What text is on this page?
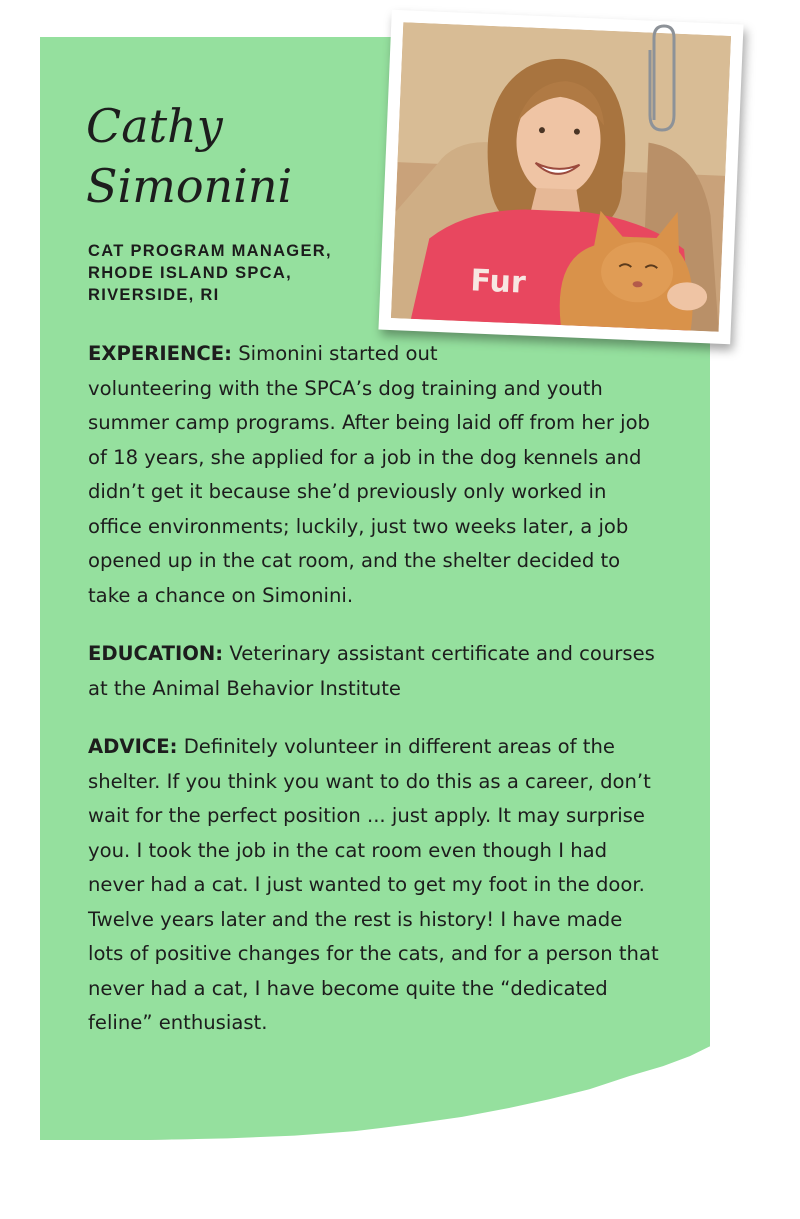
Cathy
Simonini
CAT PROGRAM MANAGER,
RHODE ISLAND SPCA,
RIVERSIDE, RI	Fur

EXPERIENCE: Simonini started out
volunteering with the SPCA’s dog training and youth summer camp programs. After being laid off from her job of 18 years, she applied for a job in the dog kennels and didn’t get it because she’d previously only worked in office environments; luckily, just two weeks later, a job opened up in the cat room, and the shelter decided to take a chance on Simonini.

EDUCATION: Veterinary assistant certificate and courses at the Animal Behavior Institute

ADVICE: Definitely volunteer in different areas of the shelter. If you think you want to do this as a career, don’t wait for the perfect position ... just apply. It may surprise you. I took the job in the cat room even though I had never had a cat. I just wanted to get my foot in the door. Twelve years later and the rest is history! I have made lots of positive changes for the cats, and for a person that never had a cat, I have become quite the “dedicated feline” enthusiast.
